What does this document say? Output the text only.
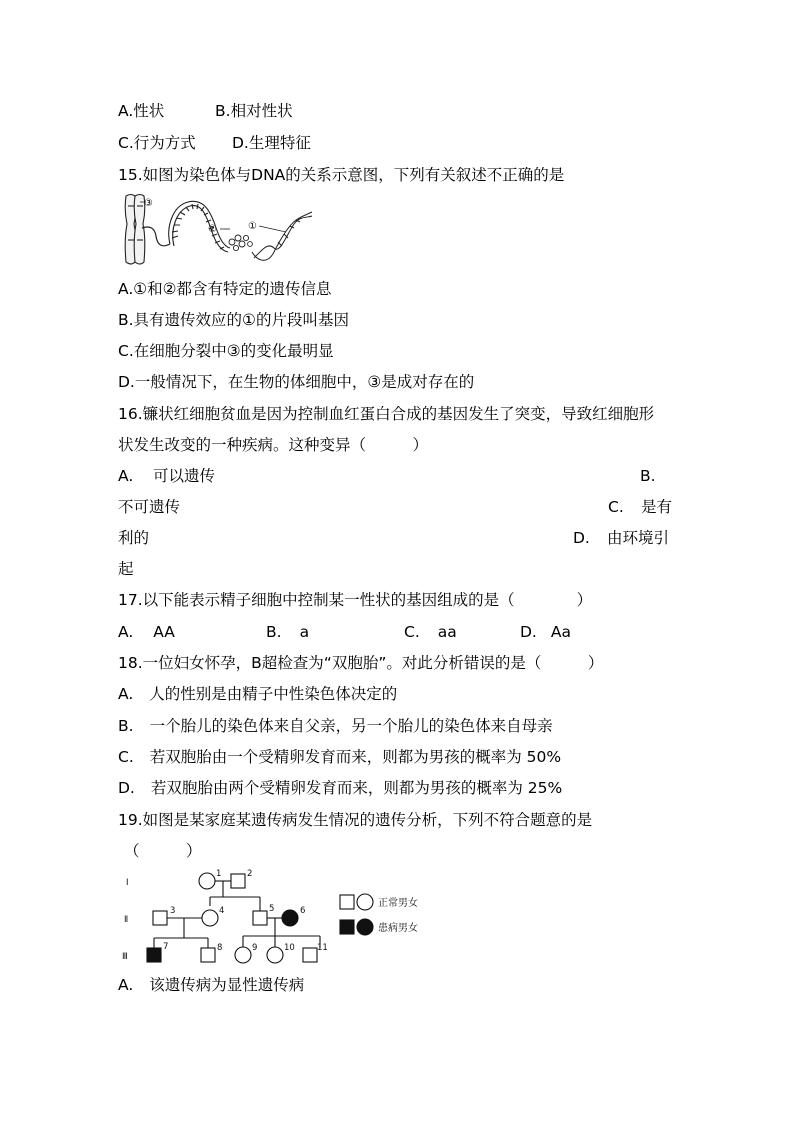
A.性状	B.相对性状
C.行为方式 D.生理特征
15.如图为染色体与DNA的关系示意图，下列有关叙述不正确的是
③
②	①
A.①和②都含有特定的遗传信息
B.具有遗传效应的①的片段叫基因
C.在细胞分裂中③的变化最明显
D.一般情况下，在生物的体细胞中，③是成对存在的
16.镰状红细胞贫血是因为控制血红蛋白合成的基因发生了突变，导致红细胞形
状发生改变的一种疾病。这种变异（　　　）
A. 可以遗传	B.
不可遗传	C. 是有
利的	D. 由环境引
起
17.以下能表示精子细胞中控制某一性状的基因组成的是（　　　　）
A. AA	B. a	C. aa	D. Aa
18.一位妇女怀孕，B超检查为“双胞胎”。对此分析错误的是（　　　）
A. 人的性别是由精子中性染色体决定的
B. 一个胎儿的染色体来自父亲，另一个胎儿的染色体来自母亲
C. 若双胞胎由一个受精卵发育而来，则都为男孩的概率为 50%
D. 若双胞胎由两个受精卵发育而来，则都为男孩的概率为 25%
19.如图是某家庭某遗传病发生情况的遗传分析，下列不符合题意的是
（　　　）
Ⅰ
Ⅱ
Ⅲ
1	2
3	4	5	6
7	8	9	10	11
正常男女
患病男女
A. 该遗传病为显性遗传病
